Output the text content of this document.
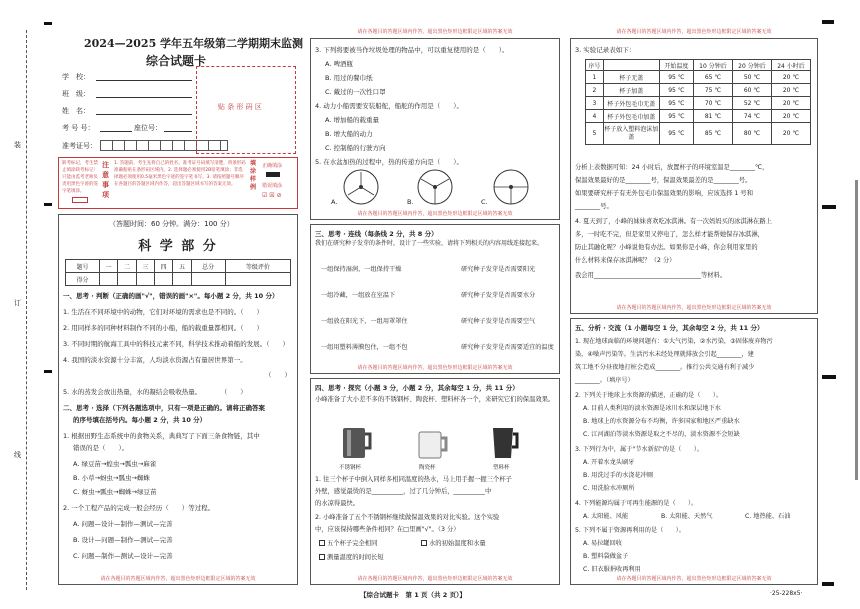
装
订
线
2024—2025 学年五年级第二学期期末监测
综合试题卡
学　校：
班　级：
姓　名：
考 号 号：	座位号：
准考证号：
贴 条 形 码 区
缺考标记，考生禁止填涂缺考标记！只能由监考老师负责用黑色字迹的签字笔填涂。
注意事项
1. 答题前，考生先将自己的姓名、准考证号码填写清楚，将条形码准确粘贴在条形码区域内。2. 选择题必须使用2B铅笔填涂；非选择题必须使用0.5毫米黑色字迹的签字笔书写。3. 请按照题号顺序在各题目的答题区域内作答，超出答题区域书写的答案无效。
填涂样例
正确填涂
错误填涂
☑ ☒ ⊘
（答题时间：60 分钟。满分：100 分）
科 学 部 分
题号	一	二	三	四	五	总分	等级评价
得分							
一、思考 · 判断（正确的画"√"，错误的画"×"。每小题 2 分，共 10 分）
1. 生活在不同环境中的动物，它们对环境的需求也是不同的。（　　）
2. 用同样多的同种材料制作不同的小船，船的载重量都相同。（　　）
3. 不同时期的航海工具中的科技元素不同，科学技术推动着船的发展。（　　）
4. 我国的淡水资源十分丰富，人均淡水资源占有量居世界第一。
（　　）
5. 水的蒸发会放出热量，水的凝结会吸收热量。　　　　（　　）
二、思考 · 选择（下列各题选项中，只有一项是正确的。请将正确答案
的序号填在括号内。每小题 2 分，共 10 分）
1. 根据田野生态系统中的食物关系，典典写了下面三条食物链，其中
错误的是（　　）。
A. 绿豆苗→蝗虫→瓢虫→麻雀
B. 小草→蚜虫→瓢虫→蜘蛛
C. 蚜虫→瓢虫→蜘蛛→绿豆苗
2. 一个工程产品的完成一般会经历（　　）等过程。
A. 问题—设计—制作—测试—完善
B. 设计—问题—制作—测试—完善
C. 问题—制作—测试—设计—完善
请在各题目的答题区域内作答，超出黑色矩形边框限定区域的答案无效
请在各题目的答题区域内作答，超出黑色矩形边框限定区域的答案无效
3. 下列将要被当作垃圾处理的物品中，可以重复使用的是（　　）。
A. 啤酒瓶
B. 用过的餐巾纸
C. 戴过的一次性口罩
4. 动力小船需要安装船舵，船舵的作用是（　　）。
A. 增加船的载重量
B. 增大船的动力
C. 控制船的行驶方向
5. 在水盆加热的过程中，热的传递方向是（　　）。
A.	B.	C.
请在各题目的答题区域内作答，超出黑色矩形边框限定区域的答案无效
三、思考 · 连线（每条线 2 分，共 8 分）
我们在研究种子发芽的条件时，设计了一些实验，请将下列相关的内容用线连接起来。
一组保持湿润，一组保持干燥	研究种子发芽是否需要阳光
一组冷藏，一组放在室温下	研究种子发芽是否需要水分
一组放在阳光下，一组用罩罩住	研究种子发芽是否需要空气
一组用塑料薄膜包住，一组不包	研究种子发芽是否需要适宜的温度
请在各题目的答题区域内作答，超出黑色矩形边框限定区域的答案无效
四、思考 · 探究（小题 3 分，小题 2 分，其余每空 1 分，共 11 分）
小峰准备了大小差不多的不锈钢杯、陶瓷杯、塑料杯各一个，来研究它们的保温效果。
不锈钢杯	陶瓷杯	塑料杯
1. 往三个杯子中倒入同样多相同温度的热水，马上用手握一握三个杯子
外壁，感觉最烫的是__________，过了几分钟后，__________中
的水凉得最快。
2. 小峰准备了五个不锈钢杯继续做保温效果的对比实验。这个实验
中，应该保持哪些条件相同？在□里画"√"。（3 分）
五个杯子完全相同	水的初始温度和水量
测量温度的时间长短
请在各题目的答题区域内作答，超出黑色矩形边框限定区域的答案无效
请在各题目的答题区域内作答，超出黑色矩形边框限定区域的答案无效
3. 实验记录表如下：
序号		开始温度	10 分钟后	20 分钟后	24 小时后
1	杯子无盖	95 ℃	65 ℃	50 ℃	20 ℃
2	杯子加盖	95 ℃	75 ℃	60 ℃	20 ℃
3	杯子外包毛巾无盖	95 ℃	70 ℃	52 ℃	20 ℃
4	杯子外包毛巾加盖	95 ℃	81 ℃	74 ℃	20 ℃
5	杯子放入塑料泡沫加盖	95 ℃	85 ℃	80 ℃	20 ℃
分析上表数据可知：24 小时后，放置杯子的环境室温是________℃，
保温效果最好的是________号，保温效果最差的是________号。
如果要研究杯子有无外包毛巾保温效果的影响，应该选择 1 号和
________号。
4. 夏天到了，小峰的妹妹喜欢吃冰淇淋。有一次妈妈买的冰淇淋在路上
多，一时吃不完，但是家里又停电了，怎么样才能帮她保存冰淇淋，
防止其融化呢？小峰说他有办法。如果你是小峰，你会利用家里的
什么材料来保存冰淇淋呢？（2 分）
我会用__________________________________等材料。
请在各题目的答题区域内作答，超出黑色矩形边框限定区域的答案无效
五、分析 · 交流（1 小题每空 1 分，其余每空 2 分，共 11 分）
1. 现在地球面临的环境问题有：①大气污染，②水污染，③固体废弃物污
染，④噪声污染等。生活污水未经处理就排放会引起________，建
筑工地不分昼夜地打桩会造成________。推行公共交通有利于减少
________。（填序号）
2. 下列关于地球上水资源的描述，正确的是（　　）。
A. 目前人类利用的淡水资源是冰川水和深层地下水
B. 地球上的水资源分布不均衡，许多国家和地区严重缺水
C. 江河湖泊等淡水资源是取之不尽的，淡水资源不会短缺
3. 下列行为中，属于"节水新招"的是（　　）。
A. 开着水龙头刷牙
B. 用洗过手的水浇花冲厕
C. 用洗脸水冲厕所
4. 下列能源均属于可再生能源的是（　　）。
A. 太阳能、风能	B. 太阳能、天然气	C. 地热能、石油
5. 下列不属于资源再利用的是（　　）。
A. 易拉罐回收
B. 塑料袋做盆子
C. 旧衣服捐收再利用
请在各题目的答题区域内作答，超出黑色矩形边框限定区域的答案无效
【综合试题卡　第 1 页（共 2 页）】	·25-228x5·
